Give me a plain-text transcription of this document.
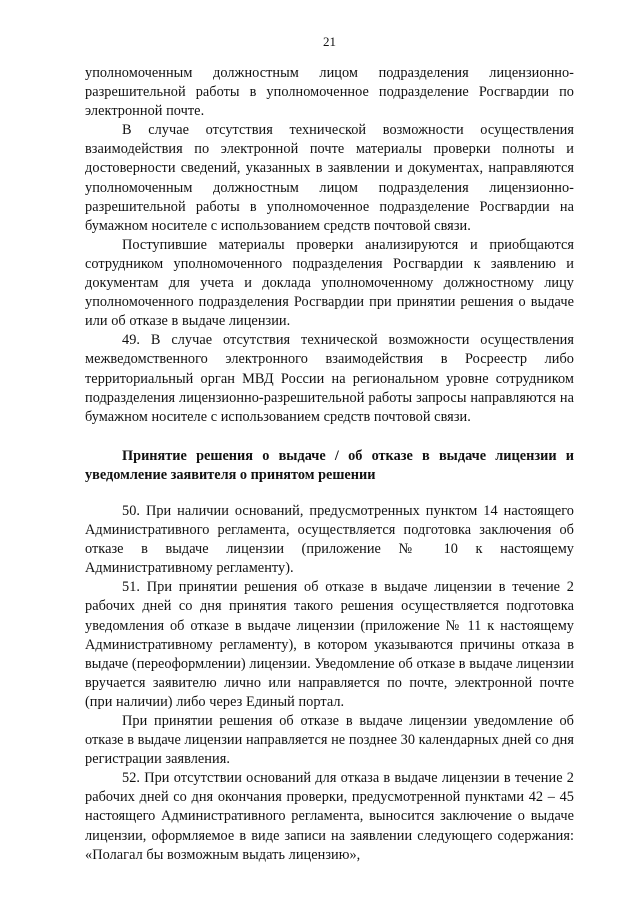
21

уполномоченным должностным лицом подразделения лицензионно-разрешительной работы в уполномоченное подразделение Росгвардии по электронной почте.

В случае отсутствия технической возможности осуществления взаимодействия по электронной почте материалы проверки полноты и достоверности сведений, указанных в заявлении и документах, направляются уполномоченным должностным лицом подразделения лицензионно-разрешительной работы в уполномоченное подразделение Росгвардии на бумажном носителе с использованием средств почтовой связи.

Поступившие материалы проверки анализируются и приобщаются сотрудником уполномоченного подразделения Росгвардии к заявлению и документам для учета и доклада уполномоченному должностному лицу уполномоченного подразделения Росгвардии при принятии решения о выдаче или об отказе в выдаче лицензии.

49. В случае отсутствия технической возможности осуществления межведомственного электронного взаимодействия в Росреестр либо территориальный орган МВД России на региональном уровне сотрудником подразделения лицензионно-разрешительной работы запросы направляются на бумажном носителе с использованием средств почтовой связи.

Принятие решения о выдаче / об отказе в выдаче лицензии и уведомление заявителя о принятом решении

50. При наличии оснований, предусмотренных пунктом 14 настоящего Административного регламента, осуществляется подготовка заключения об отказе в выдаче лицензии (приложение № 10 к настоящему Административному регламенту).

51. При принятии решения об отказе в выдаче лицензии в течение 2 рабочих дней со дня принятия такого решения осуществляется подготовка уведомления об отказе в выдаче лицензии (приложение № 11 к настоящему Административному регламенту), в котором указываются причины отказа в выдаче (переоформлении) лицензии. Уведомление об отказе в выдаче лицензии вручается заявителю лично или направляется по почте, электронной почте (при наличии) либо через Единый портал.

При принятии решения об отказе в выдаче лицензии уведомление об отказе в выдаче лицензии направляется не позднее 30 календарных дней со дня регистрации заявления.

52. При отсутствии оснований для отказа в выдаче лицензии в течение 2 рабочих дней со дня окончания проверки, предусмотренной пунктами 42 – 45 настоящего Административного регламента, выносится заключение о выдаче лицензии, оформляемое в виде записи на заявлении следующего содержания: «Полагал бы возможным выдать лицензию»,
